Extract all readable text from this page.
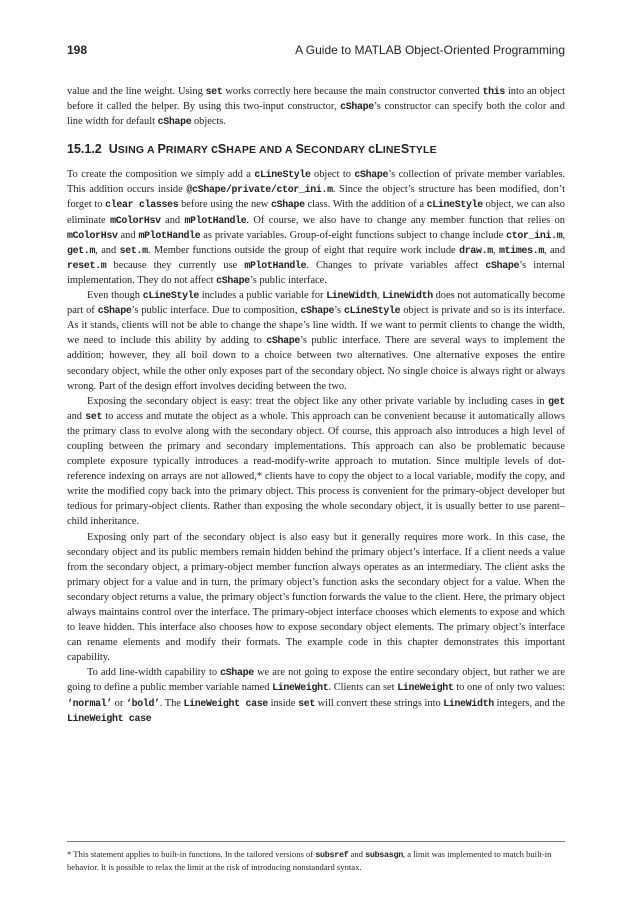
198	A Guide to MATLAB Object-Oriented Programming

value and the line weight. Using set works correctly here because the main constructor converted this into an object before it called the helper. By using this two-input constructor, cShape’s constructor can specify both the color and line width for default cShape objects.

15.1.2 USING A PRIMARY cSHAPE AND A SECONDARY cLINESTYLE

To create the composition we simply add a cLineStyle object to cShape’s collection of private member variables. This addition occurs inside @cShape/private/ctor_ini.m. Since the object’s structure has been modified, don’t forget to clear classes before using the new cShape class. With the addition of a cLineStyle object, we can also eliminate mColorHsv and mPlotHandle. Of course, we also have to change any member function that relies on mColorHsv and mPlotHandle as private variables. Group-of-eight functions subject to change include ctor_ini.m, get.m, and set.m. Member functions outside the group of eight that require work include draw.m, mtimes.m, and reset.m because they currently use mPlotHandle. Changes to private variables affect cShape’s internal implementation. They do not affect cShape’s public interface.

Even though cLineStyle includes a public variable for LineWidth, LineWidth does not automatically become part of cShape’s public interface. Due to composition, cShape’s cLineStyle object is private and so is its interface. As it stands, clients will not be able to change the shape’s line width. If we want to permit clients to change the width, we need to include this ability by adding to cShape’s public interface. There are several ways to implement the addition; however, they all boil down to a choice between two alternatives. One alternative exposes the entire secondary object, while the other only exposes part of the secondary object. No single choice is always right or always wrong. Part of the design effort involves deciding between the two.

Exposing the secondary object is easy: treat the object like any other private variable by including cases in get and set to access and mutate the object as a whole. This approach can be convenient because it automatically allows the primary class to evolve along with the secondary object. Of course, this approach also introduces a high level of coupling between the primary and secondary implementations. This approach can also be problematic because complete exposure typically introduces a read-modify-write approach to mutation. Since multiple levels of dot-reference indexing on arrays are not allowed,* clients have to copy the object to a local variable, modify the copy, and write the modified copy back into the primary object. This process is convenient for the primary-object developer but tedious for primary-object clients. Rather than exposing the whole secondary object, it is usually better to use parent–child inheritance.

Exposing only part of the secondary object is also easy but it generally requires more work. In this case, the secondary object and its public members remain hidden behind the primary object’s interface. If a client needs a value from the secondary object, a primary-object member function always operates as an intermediary. The client asks the primary object for a value and in turn, the primary object’s function asks the secondary object for a value. When the secondary object returns a value, the primary object’s function forwards the value to the client. Here, the primary object always maintains control over the interface. The primary-object interface chooses which elements to expose and which to leave hidden. This interface also chooses how to expose secondary object elements. The primary object’s interface can rename elements and modify their formats. The example code in this chapter demonstrates this important capability.

To add line-width capability to cShape we are not going to expose the entire secondary object, but rather we are going to define a public member variable named LineWeight. Clients can set LineWeight to one of only two values: ‘normal’ or ‘bold’. The LineWeight case inside set will convert these strings into LineWidth integers, and the LineWeight case

* This statement applies to built-in functions. In the tailored versions of subsref and subsasgn, a limit was implemented to match built-in behavior. It is possible to relax the limit at the risk of introducing nonstandard syntax.
